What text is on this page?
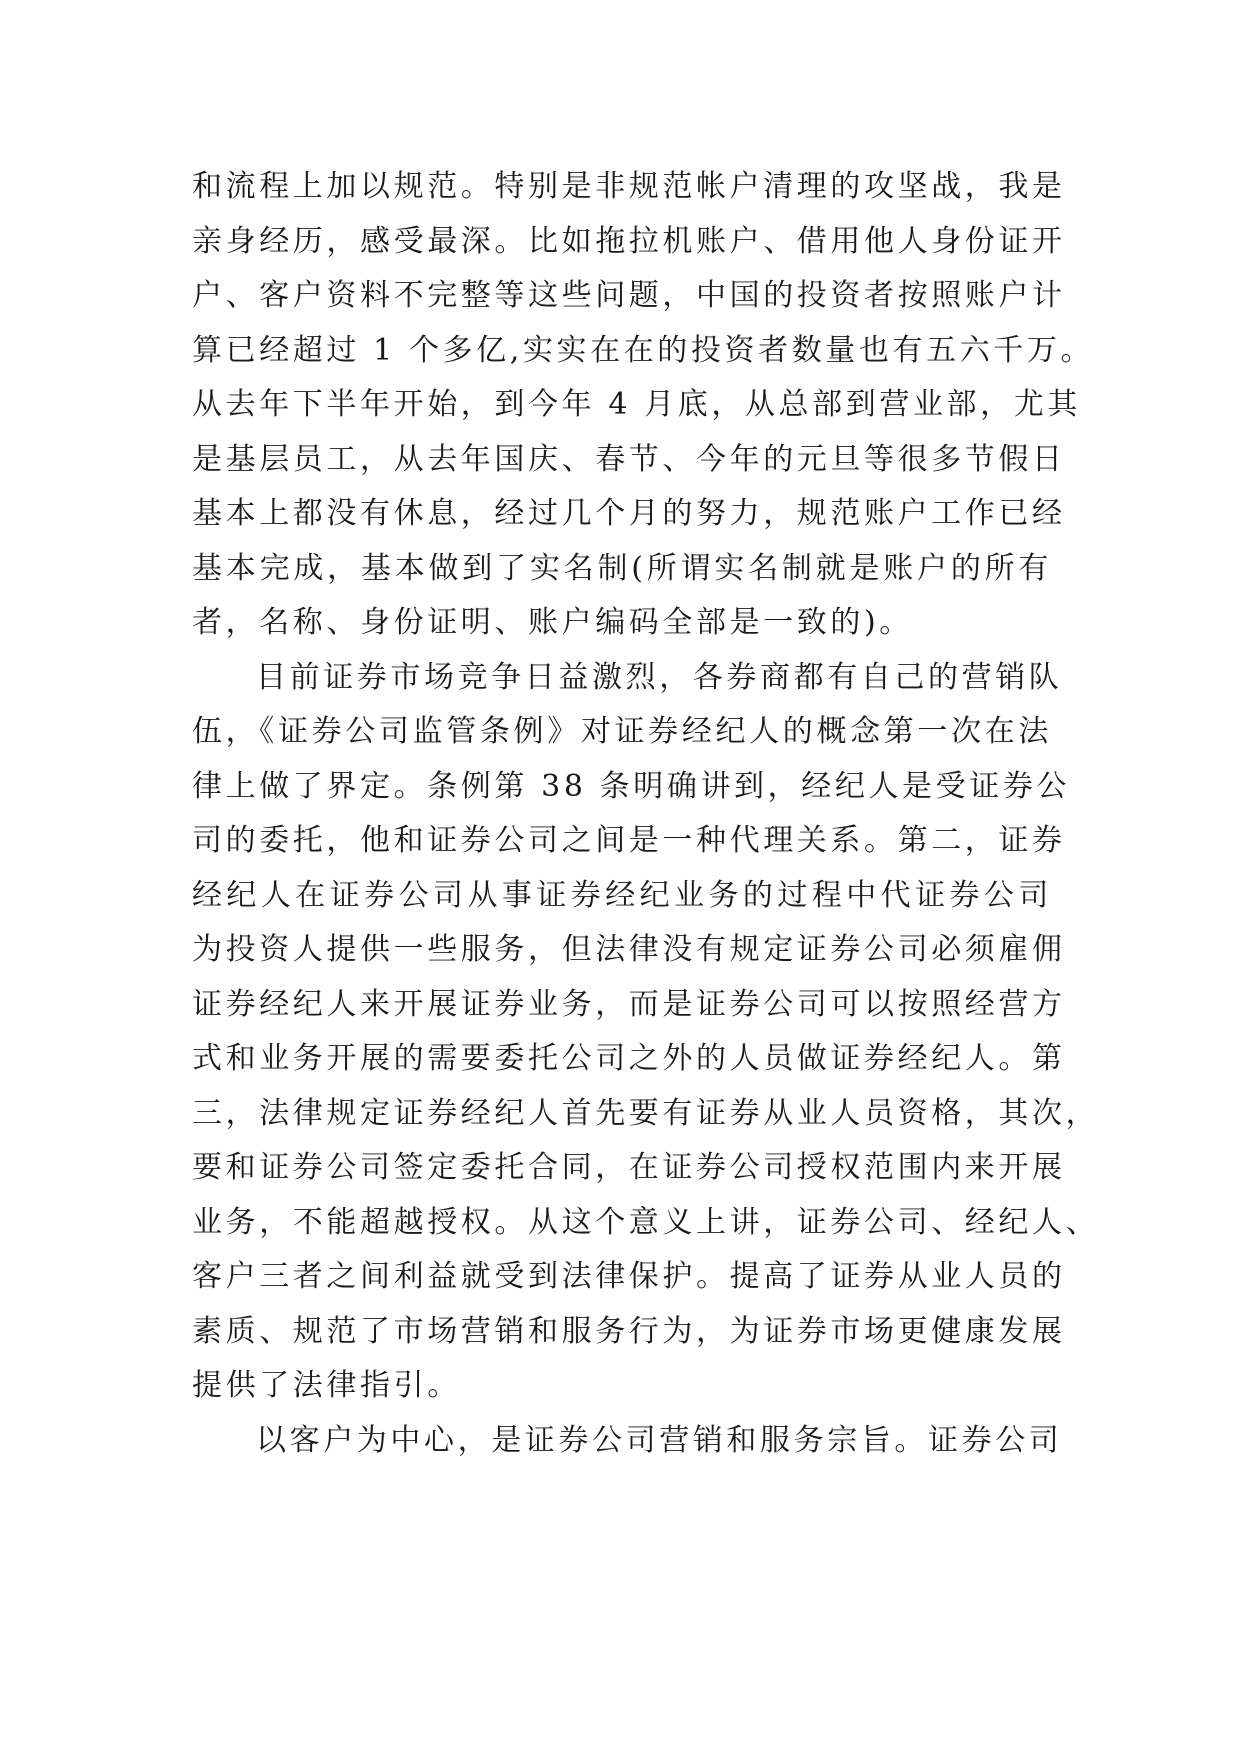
和流程上加以规范。特别是非规范帐户清理的攻坚战，我是
亲身经历，感受最深。比如拖拉机账户、借用他人身份证开
户、客户资料不完整等这些问题，中国的投资者按照账户计
算已经超过 1 个多亿,实实在在的投资者数量也有五六千万。
从去年下半年开始，到今年 4 月底，从总部到营业部，尤其
是基层员工，从去年国庆、春节、今年的元旦等很多节假日
基本上都没有休息，经过几个月的努力，规范账户工作已经
基本完成，基本做到了实名制(所谓实名制就是账户的所有
者，名称、身份证明、账户编码全部是一致的)。
目前证券市场竞争日益激烈，各券商都有自己的营销队
伍，《证券公司监管条例》对证券经纪人的概念第一次在法
律上做了界定。条例第 38 条明确讲到，经纪人是受证券公
司的委托，他和证券公司之间是一种代理关系。第二，证券
经纪人在证券公司从事证券经纪业务的过程中代证券公司
为投资人提供一些服务，但法律没有规定证券公司必须雇佣
证券经纪人来开展证券业务，而是证券公司可以按照经营方
式和业务开展的需要委托公司之外的人员做证券经纪人。第
三，法律规定证券经纪人首先要有证券从业人员资格，其次，
要和证券公司签定委托合同，在证券公司授权范围内来开展
业务，不能超越授权。从这个意义上讲，证券公司、经纪人、
客户三者之间利益就受到法律保护。提高了证券从业人员的
素质、规范了市场营销和服务行为，为证券市场更健康发展
提供了法律指引。
以客户为中心，是证券公司营销和服务宗旨。证券公司
